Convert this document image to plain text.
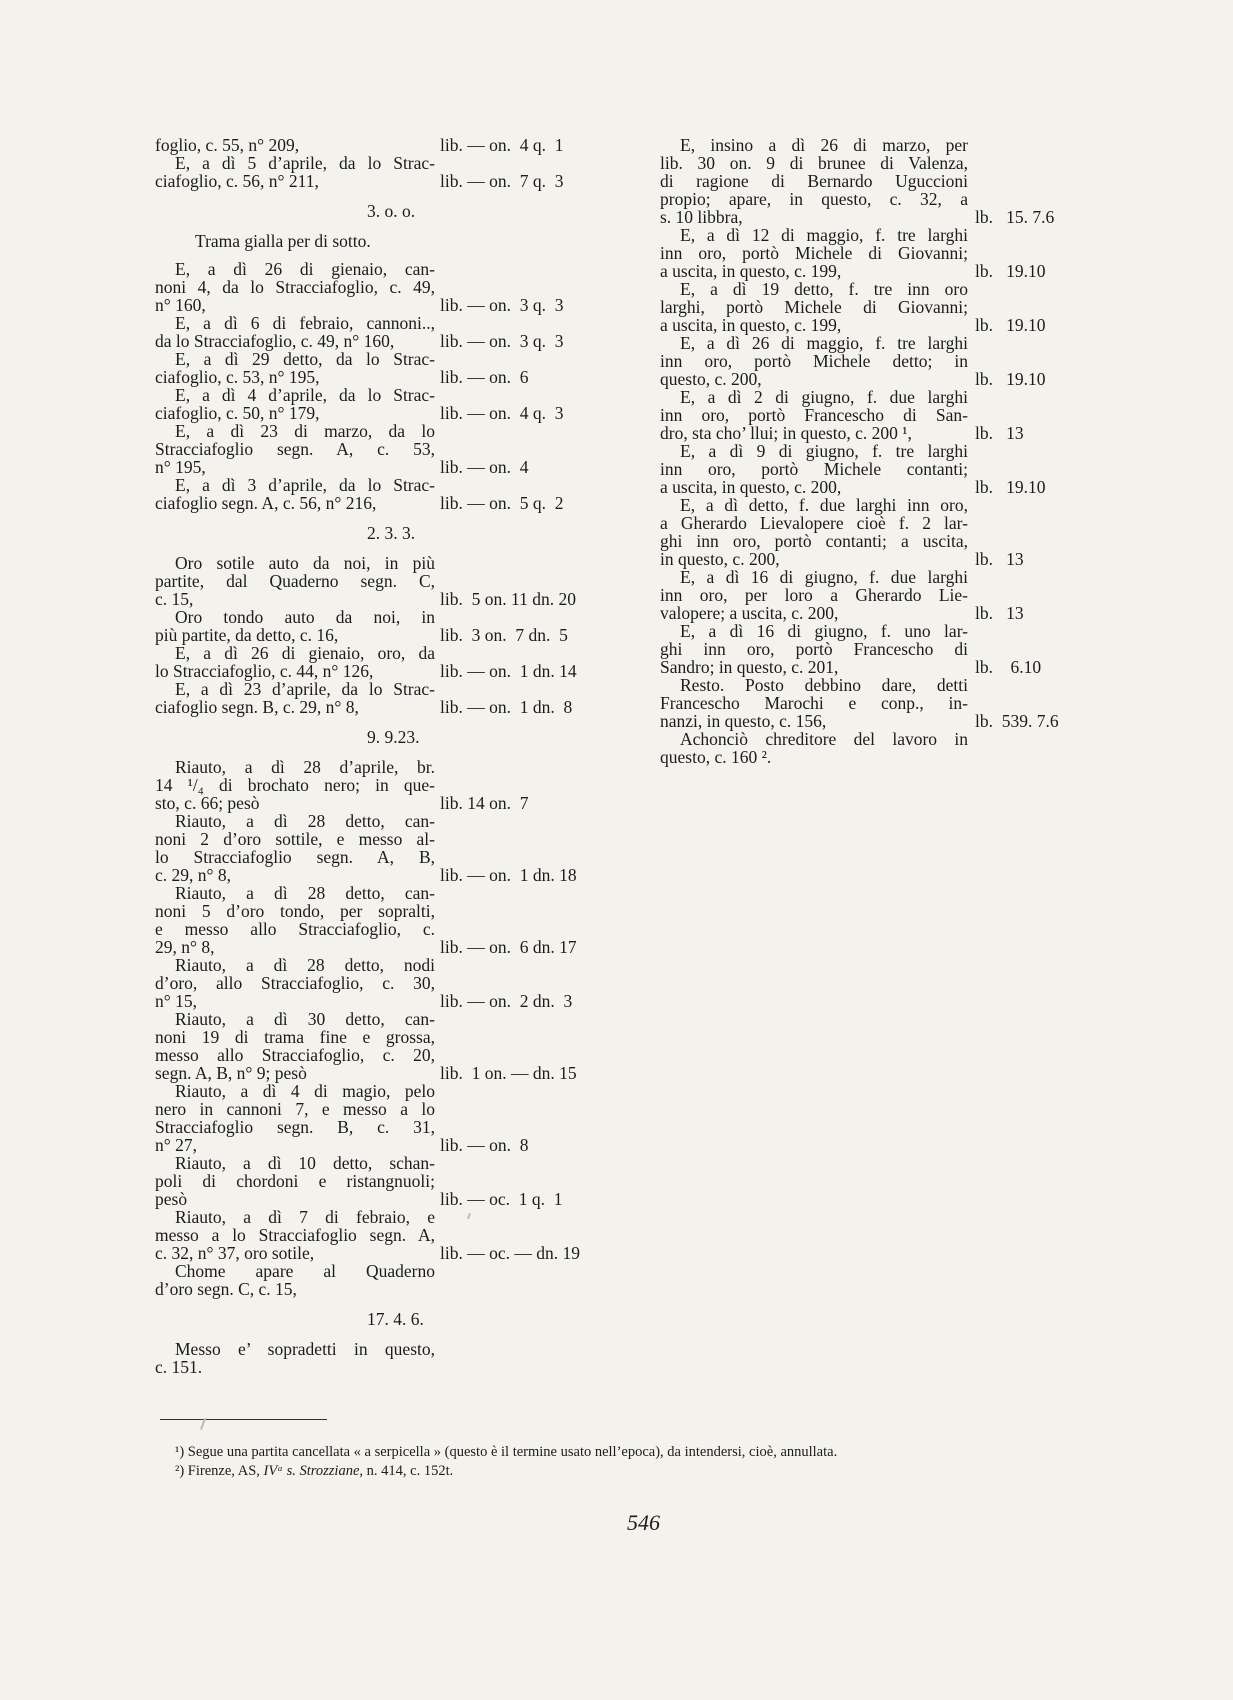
foglio, c. 55, n° 209,	lib. — on.  4 q.  1
E, a dì 5 d’aprile, da lo Strac-
ciafoglio, c. 56, n° 211,	lib. — on.  7 q.  3
3. o. o.
Trama gialla per di sotto.
E, a dì 26 di gienaio, can-
noni 4, da lo Stracciafoglio, c. 49,
n° 160,	lib. — on.  3 q.  3
E, a dì 6 di febraio, cannoni..,
da lo Stracciafoglio, c. 49, n° 160,	lib. — on.  3 q.  3
E, a dì 29 detto, da lo Strac-
ciafoglio, c. 53, n° 195,	lib. — on.  6
E, a dì 4 d’aprile, da lo Strac-
ciafoglio, c. 50, n° 179,	lib. — on.  4 q.  3
E, a dì 23 di marzo, da lo
Stracciafoglio segn. A, c. 53,
n° 195,	lib. — on.  4
E, a dì 3 d’aprile, da lo Strac-
ciafoglio segn. A, c. 56, n° 216,	lib. — on.  5 q.  2
2. 3. 3.
Oro sotile auto da noi, in più
partite, dal Quaderno segn. C,
c. 15,	lib.  5 on. 11 dn. 20
Oro tondo auto da noi, in
più partite, da detto, c. 16,	lib.  3 on.  7 dn.  5
E, a dì 26 di gienaio, oro, da
lo Stracciafoglio, c. 44, n° 126,	lib. — on.  1 dn. 14
E, a dì 23 d’aprile, da lo Strac-
ciafoglio segn. B, c. 29, n° 8,	lib. — on.  1 dn.  8
9. 9.23.
Riauto, a dì 28 d’aprile, br.
14 ¹/₄ di brochato nero; in que-
sto, c. 66; pesò	lib. 14 on.  7
Riauto, a dì 28 detto, can-
noni 2 d’oro sottile, e messo al-
lo Stracciafoglio segn. A, B,
c. 29, n° 8,	lib. — on.  1 dn. 18
Riauto, a dì 28 detto, can-
noni 5 d’oro tondo, per sopralti,
e messo allo Stracciafoglio, c.
29, n° 8,	lib. — on.  6 dn. 17
Riauto, a dì 28 detto, nodi
d’oro, allo Stracciafoglio, c. 30,
n° 15,	lib. — on.  2 dn.  3
Riauto, a dì 30 detto, can-
noni 19 di trama fine e grossa,
messo allo Stracciafoglio, c. 20,
segn. A, B, n° 9; pesò	lib.  1 on. — dn. 15
Riauto, a dì 4 di magio, pelo
nero in cannoni 7, e messo a lo
Stracciafoglio segn. B, c. 31,
n° 27,	lib. — on.  8
Riauto, a dì 10 detto, schan-
poli di chordoni e ristangnuoli;
pesò	lib. — oc.  1 q.  1
Riauto, a dì 7 di febraio, e
messo a lo Stracciafoglio segn. A,
c. 32, n° 37, oro sotile,	lib. — oc. — dn. 19
Chome apare al Quaderno
d’oro segn. C, c. 15,
17. 4. 6.
Messo e’ sopradetti in questo,
c. 151.
E, insino a dì 26 di marzo, per
lib. 30 on. 9 di brunee di Valenza,
di ragione di Bernardo Uguccioni
propio; apare, in questo, c. 32, a
s. 10 libbra,	lb.   15. 7.6
E, a dì 12 di maggio, f. tre larghi
inn oro, portò Michele di Giovanni;
a uscita, in questo, c. 199,	lb.   19.10
E, a dì 19 detto, f. tre inn oro
larghi, portò Michele di Giovanni;
a uscita, in questo, c. 199,	lb.   19.10
E, a dì 26 di maggio, f. tre larghi
inn oro, portò Michele detto; in
questo, c. 200,	lb.   19.10
E, a dì 2 di giugno, f. due larghi
inn oro, portò Francescho di San-
dro, sta cho’ llui; in questo, c. 200 ¹,	lb.   13
E, a dì 9 di giugno, f. tre larghi
inn oro, portò Michele contanti;
a uscita, in questo, c. 200,	lb.   19.10
E, a dì detto, f. due larghi inn oro,
a Gherardo Lievalopere cioè f. 2 lar-
ghi inn oro, portò contanti; a uscita,
in questo, c. 200,	lb.   13
E, a dì 16 di giugno, f. due larghi
inn oro, per loro a Gherardo Lie-
valopere; a uscita, c. 200,	lb.   13
E, a dì 16 di giugno, f. uno lar-
ghi inn oro, portò Francescho di
Sandro; in questo, c. 201,	lb.    6.10
Resto. Posto debbino dare, detti
Francescho Marochi e conp., in-
nanzi, in questo, c. 156,	lb.  539. 7.6
Achonciò chreditore del lavoro in
questo, c. 160 ².
¹) Segue una partita cancellata « a serpicella » (questo è il termine usato nell’epoca), da intendersi, cioè, annullata.
²) Firenze, AS, IVᵃ s. Strozziane, n. 414, c. 152t.
546
